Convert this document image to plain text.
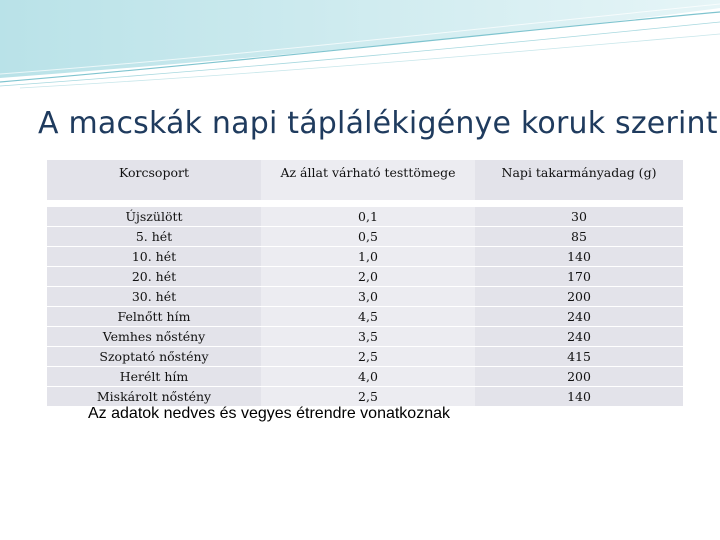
A macskák napi táplálékigénye koruk szerint
Korcsoport	Az állat várható testtömege	Napi takarmányadag (g)

Újszülött	0,1	30
5. hét	0,5	85
10. hét	1,0	140
20. hét	2,0	170
30. hét	3,0	200
Felnőtt hím	4,5	240
Vemhes nőstény	3,5	240
Szoptató nőstény	2,5	415
Herélt hím	4,0	200
Miskárolt nőstény	2,5	140
Az adatok nedves és vegyes étrendre vonatkoznak
